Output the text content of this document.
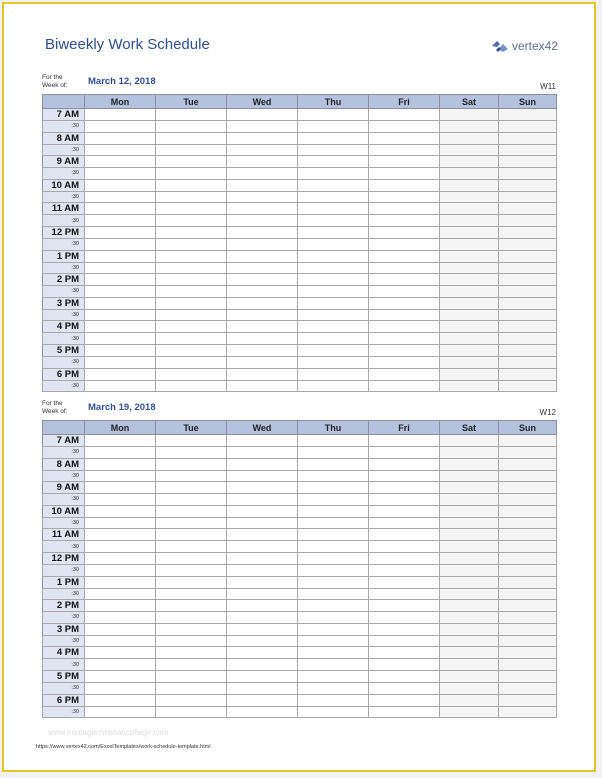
Biweekly Work Schedule	vertex42
For the
Week of: March 12, 2018	W11
	Mon	Tue	Wed	Thu	Fri	Sat	Sun
7 AM							
:30							
8 AM							
:30							
9 AM							
:30							
10 AM							
:30							
11 AM							
:30							
12 PM							
:30							
1 PM							
:30							
2 PM							
:30							
3 PM							
:30							
4 PM							
:30							
5 PM							
:30							
6 PM							
:30							
For the
Week of: March 19, 2018	W12
	Mon	Tue	Wed	Thu	Fri	Sat	Sun
7 AM							
:30							
8 AM							
:30							
9 AM							
:30							
10 AM							
:30							
11 AM							
:30							
12 PM							
:30							
1 PM							
:30							
2 PM							
:30							
3 PM							
:30							
4 PM							
:30							
5 PM							
:30							
6 PM							
:30							
www.heritagechristiancollege.com
https://www.vertex42.com/ExcelTemplates/work-schedule-template.html
